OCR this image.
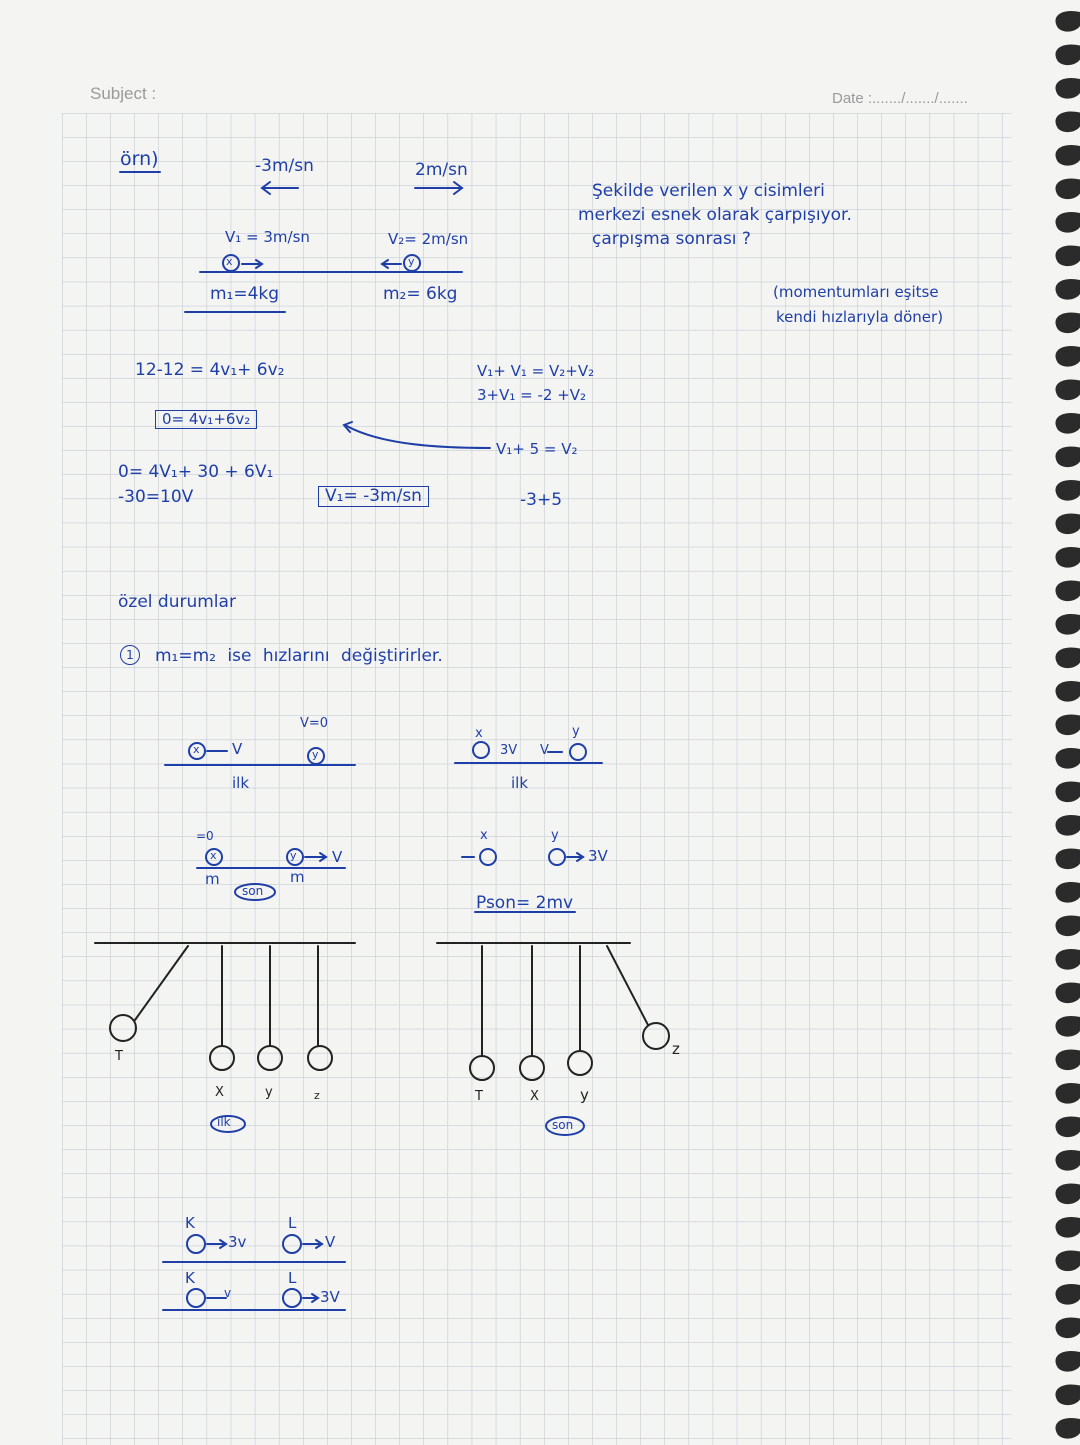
Subject :	Date :......./......./.......
örn)	-3m/sn	2m/sn
V₁ = 3m/sn	V₂= 2m/sn
x	y
m₁=4kg	m₂= 6kg
Şekilde verilen x y cisimleri
merkezi esnek olarak çarpışıyor.
çarpışma sonrası ?
(momentumları eşitse
kendi hızlarıyla döner)
12-12 = 4v₁+ 6v₂
0= 4v₁+6v₂
V₁+ V₁ = V₂+V₂
3+V₁ = -2 +V₂
V₁+ 5 = V₂
0= 4V₁+ 30 + 6V₁
-30=10V	V₁= -3m/sn	-3+5
özel durumlar
1	m₁=m₂ ise hızlarını değiştirirler.
V=0
x	y
V
ilk
=0
x	y V
m	m
son
x	y
3V V
ilk
x	y
3V
Pson= 2mv
T
X	y	z
ilk
T	X	y
z
son
K	L
3v	V
K	L
v	3V
